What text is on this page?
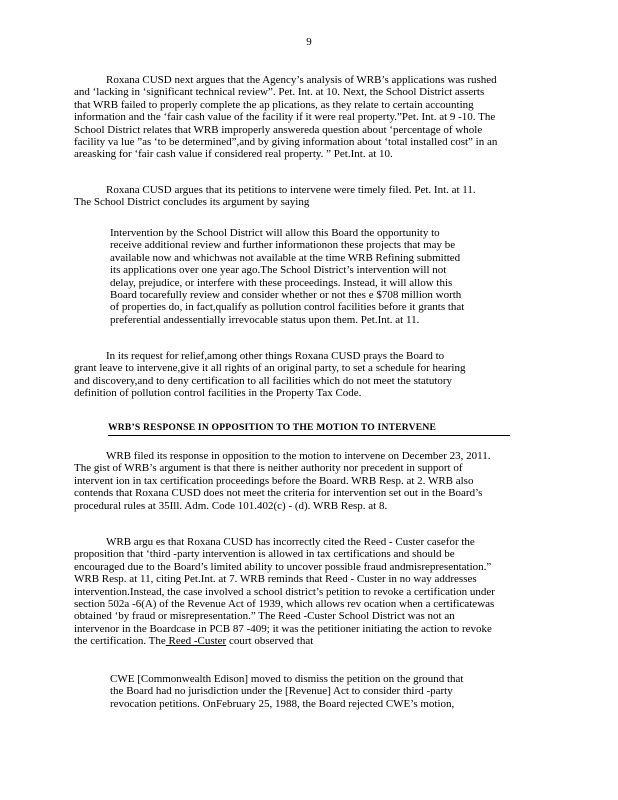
9
Roxana CUSD next argues that the Agency’s analysis of WRB’s applications was rushed
and ‘lacking in ‘significant technical review”. Pet. Int. at 10. Next, the School District asserts
that WRB failed to properly complete the ap plications, as they relate to certain accounting
information and the ‘fair cash value of the facility if it were real property.”Pet. Int. at 9 -10. The
School District relates that WRB improperly answereda question about ‘percentage of whole
facility va lue ”as ‘to be determined”,and by giving information about ‘total installed cost” in an
areasking for ‘fair cash value if considered real property. ” Pet.Int. at 10.
Roxana CUSD argues that its petitions to intervene were timely filed. Pet. Int. at 11.
The School District concludes its argument by saying
Intervention by the School District will allow this Board the opportunity to
receive additional review and further informationon these projects that may be
available now and whichwas not available at the time WRB Refining submitted
its applications over one year ago.The School District’s intervention will not
delay, prejudice, or interfere with these proceedings. Instead, it will allow this
Board tocarefully review and consider whether or not thes e $708 million worth
of properties do, in fact,qualify as pollution control facilities before it grants that
preferential andessentially irrevocable status upon them. Pet.Int. at 11.
In its request for relief,among other things Roxana CUSD prays the Board to
grant leave to intervene,give it all rights of an original party, to set a schedule for hearing
and discovery,and to deny certification to all facilities which do not meet the statutory
definition of pollution control facilities in the Property Tax Code.
WRB’S RESPONSE IN OPPOSITION TO THE MOTION TO INTERVENE
WRB filed its response in opposition to the motion to intervene on December 23, 2011.
The gist of WRB’s argument is that there is neither authority nor precedent in support of
intervent ion in tax certification proceedings before the Board. WRB Resp. at 2. WRB also
contends that Roxana CUSD does not meet the criteria for intervention set out in the Board’s
procedural rules at 35Ill. Adm. Code 101.402(c) - (d). WRB Resp. at 8.
WRB argu es that Roxana CUSD has incorrectly cited the Reed - Custer casefor the
proposition that ‘third -party intervention is allowed in tax certifications and should be
encouraged due to the Board’s limited ability to uncover possible fraud andmisrepresentation.”
WRB Resp. at 11, citing Pet.Int. at 7. WRB reminds that Reed - Custer in no way addresses
intervention.Instead, the case involved a school district’s petition to revoke a certification under
section 502a -6(A) of the Revenue Act of 1939, which allows rev ocation when a certificatewas
obtained ‘by fraud or misrepresentation.” The Reed -Custer School District was not an
intervenor in the Boardcase in PCB 87 -409; it was the petitioner initiating the action to revoke
the certification. The Reed -Custer court observed that
CWE [Commonwealth Edison] moved to dismiss the petition on the ground that
the Board had no jurisdiction under the [Revenue] Act to consider third -party
revocation petitions. OnFebruary 25, 1988, the Board rejected CWE’s motion,
